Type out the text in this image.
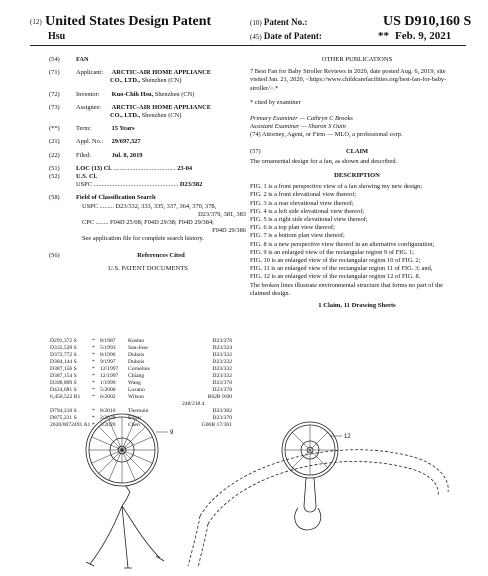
(12) United States Design Patent
Hsu
(10) Patent No.:	US D910,160 S
(45) Date of Patent:	** Feb. 9, 2021
(54)	FAN
(71)	Applicant: ARCTIC-AIR HOME APPLIANCE
CO., LTD., Shenzhen (CN)
(72)	Inventor: Kuo-Chih Hsu, Shenzhen (CN)
(73)	Assignee: ARCTIC-AIR HOME APPLIANCE
CO., LTD., Shenzhen (CN)
(**)	Term:	15 Years
(21)	Appl. No.: 29/697,327
(22)	Filed:	Jul. 8, 2019
(51)	LOC (13) Cl. ....................................... 23-04
(52)	U.S. Cl.
USPC ..................................................... D23/382
(58)	Field of Classification Search
USPC ......... D23/332, 333, 335, 337, 364, 370, 378,
D23/379, 381, 383
CPC ........ F04D 25/08; F04D 29/38; F04D 29/384;
F04D 29/386
See application file for complete search history.
(56)	References Cited
U.S. PATENT DOCUMENTS
D291,372 S	* 8/1987	Kosmo	D23/378
D335,528 S	* 5/1993	San-Jose	D23/324
D372,772 S	* 8/1996	Dubois	D23/332
D384,144 S	* 9/1997	Dubois	D23/332
D387,156 S	* 12/1997	Cornelius	D23/332
D387,154 S	* 12/1997	Chiang	D23/332
D398,809 S	* 1/1999	Wang	D23/378
D424,681 S	* 5/2000	Lozano	D23/378
6,450,522 B1	* 6/2002	Wilson	B62B 9/00
248/218.4
D794,218 S	* 8/2016	Therouin	D23/382
D875,231 S	* 2/2020	Edgar	D23/370
2020/0072491 A1 * 3/2020	Chen	G06B 17/361
OTHER PUBLICATIONS
7 Best Fan for Baby Stroller Reviews in 2020, date posted Aug. 6, 2019, site visited Jan. 21, 2020, <https://www.childcarefacilities.org/best-fan-for-baby-stroller/>.*
* cited by examiner
Primary Examiner — Cathryn C Brooks
Assistant Examiner — Sharon S Ouin
(74) Attorney, Agent, or Firm — MLO, a professional corp.
(57)	CLAIM
The ornamental design for a fan, as shown and described.
DESCRIPTION

FIG. 1 is a front perspective view of a fan showing my new design;

FIG. 2 is a front elevational view thereof;

FIG. 3 is a rear elevational view thereof;

FIG. 4 is a left side elevational view thereof;

FIG. 5 is a right side elevational view thereof;

FIG. 6 is a top plan view thereof;

FIG. 7 is a bottom plan view thereof;

FIG. 8 is a new perspective view thereof in an alternative configuration;

FIG. 9 is an enlarged view of the rectangular region 9 of FIG. 1;

FIG. 10 is an enlarged view of the rectangular region 10 of FIG. 2;

FIG. 11 is an enlarged view of the rectangular region 11 of FIG. 3; and,

FIG. 12 is an enlarged view of the rectangular region 12 of FIG. 8.

The broken lines illustrate environmental structure that forms no part of the claimed design.

1 Claim, 11 Drawing Sheets
9
12
